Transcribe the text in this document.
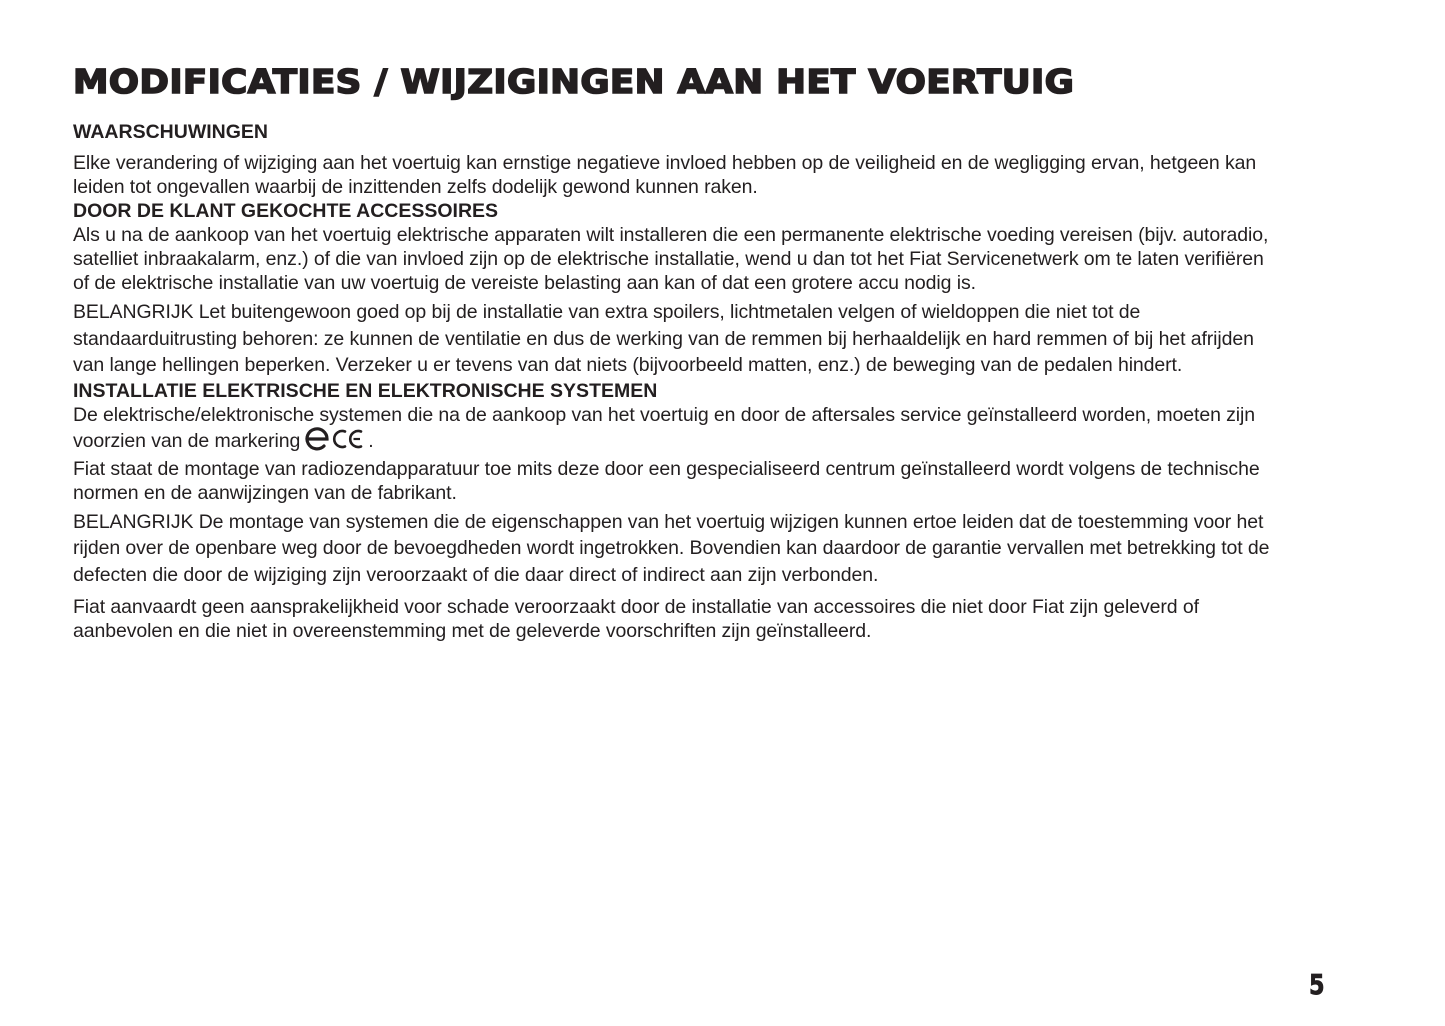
MODIFICATIES / WIJZIGINGEN AAN HET VOERTUIG
WAARSCHUWINGEN

Elke verandering of wijziging aan het voertuig kan ernstige negatieve invloed hebben op de veiligheid en de wegligging ervan, hetgeen kan leiden tot ongevallen waarbij de inzittenden zelfs dodelijk gewond kunnen raken.

DOOR DE KLANT GEKOCHTE ACCESSOIRES

Als u na de aankoop van het voertuig elektrische apparaten wilt installeren die een permanente elektrische voeding vereisen (bijv. autoradio, satelliet inbraakalarm, enz.) of die van invloed zijn op de elektrische installatie, wend u dan tot het Fiat Servicenetwerk om te laten verifiëren of de elektrische installatie van uw voertuig de vereiste belasting aan kan of dat een grotere accu nodig is.

BELANGRIJK Let buitengewoon goed op bij de installatie van extra spoilers, lichtmetalen velgen of wieldoppen die niet tot de standaarduitrusting behoren: ze kunnen de ventilatie en dus de werking van de remmen bij herhaaldelijk en hard remmen of bij het afrijden van lange hellingen beperken. Verzeker u er tevens van dat niets (bijvoorbeeld matten, enz.) de beweging van de pedalen hindert.

INSTALLATIE ELEKTRISCHE EN ELEKTRONISCHE SYSTEMEN

De elektrische/elektronische systemen die na de aankoop van het voertuig en door de aftersales service geïnstalleerd worden, moeten zijn voorzien van de markering	.

Fiat staat de montage van radiozendapparatuur toe mits deze door een gespecialiseerd centrum geïnstalleerd wordt volgens de technische normen en de aanwijzingen van de fabrikant.

BELANGRIJK De montage van systemen die de eigenschappen van het voertuig wijzigen kunnen ertoe leiden dat de toestemming voor het rijden over de openbare weg door de bevoegdheden wordt ingetrokken. Bovendien kan daardoor de garantie vervallen met betrekking tot de defecten die door de wijziging zijn veroorzaakt of die daar direct of indirect aan zijn verbonden.

Fiat aanvaardt geen aansprakelijkheid voor schade veroorzaakt door de installatie van accessoires die niet door Fiat zijn geleverd of aanbevolen en die niet in overeenstemming met de geleverde voorschriften zijn geïnstalleerd.

5
